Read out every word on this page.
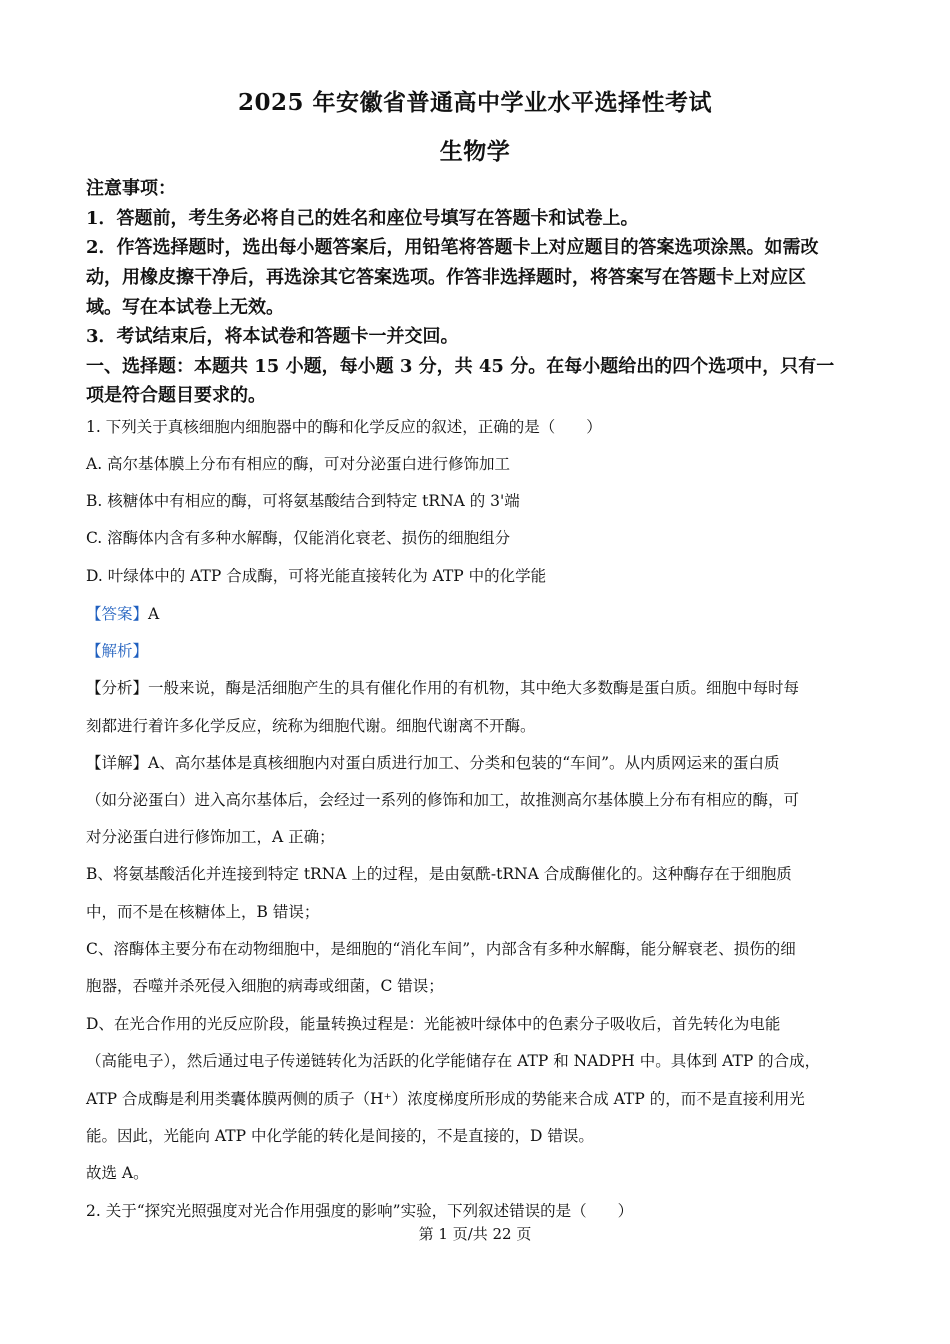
2025 年安徽省普通高中学业水平选择性考试
生物学
注意事项：
1．答题前，考生务必将自己的姓名和座位号填写在答题卡和试卷上。
2．作答选择题时，选出每小题答案后，用铅笔将答题卡上对应题目的答案选项涂黑。如需改
动，用橡皮擦干净后，再选涂其它答案选项。作答非选择题时，将答案写在答题卡上对应区
域。写在本试卷上无效。
3．考试结束后，将本试卷和答题卡一并交回。
一、选择题：本题共 15 小题，每小题 3 分，共 45 分。在每小题给出的四个选项中，只有一
项是符合题目要求的。
1. 下列关于真核细胞内细胞器中的酶和化学反应的叙述，正确的是（　　）
A. 高尔基体膜上分布有相应的酶，可对分泌蛋白进行修饰加工
B. 核糖体中有相应的酶，可将氨基酸结合到特定 tRNA 的 3'端
C. 溶酶体内含有多种水解酶，仅能消化衰老、损伤的细胞组分
D. 叶绿体中的 ATP 合成酶，可将光能直接转化为 ATP 中的化学能
【答案】A
【解析】
【分析】一般来说，酶是活细胞产生的具有催化作用的有机物，其中绝大多数酶是蛋白质。细胞中每时每
刻都进行着许多化学反应，统称为细胞代谢。细胞代谢离不开酶。
【详解】A、高尔基体是真核细胞内对蛋白质进行加工、分类和包装的“车间”。从内质网运来的蛋白质
（如分泌蛋白）进入高尔基体后，会经过一系列的修饰和加工，故推测高尔基体膜上分布有相应的酶，可
对分泌蛋白进行修饰加工，A 正确；
B、将氨基酸活化并连接到特定 tRNA 上的过程，是由氨酰-tRNA 合成酶催化的。这种酶存在于细胞质
中，而不是在核糖体上，B 错误；
C、溶酶体主要分布在动物细胞中，是细胞的“消化车间”，内部含有多种水解酶，能分解衰老、损伤的细
胞器，吞噬并杀死侵入细胞的病毒或细菌，C 错误；
D、在光合作用的光反应阶段，能量转换过程是：光能被叶绿体中的色素分子吸收后，首先转化为电能
（高能电子），然后通过电子传递链转化为活跃的化学能储存在 ATP 和 NADPH 中。具体到 ATP 的合成，
ATP 合成酶是利用类囊体膜两侧的质子（H⁺）浓度梯度所形成的势能来合成 ATP 的，而不是直接利用光
能。因此，光能向 ATP 中化学能的转化是间接的，不是直接的，D 错误。
故选 A。
2. 关于“探究光照强度对光合作用强度的影响”实验，下列叙述错误的是（　　）
第 1 页/共 22 页
